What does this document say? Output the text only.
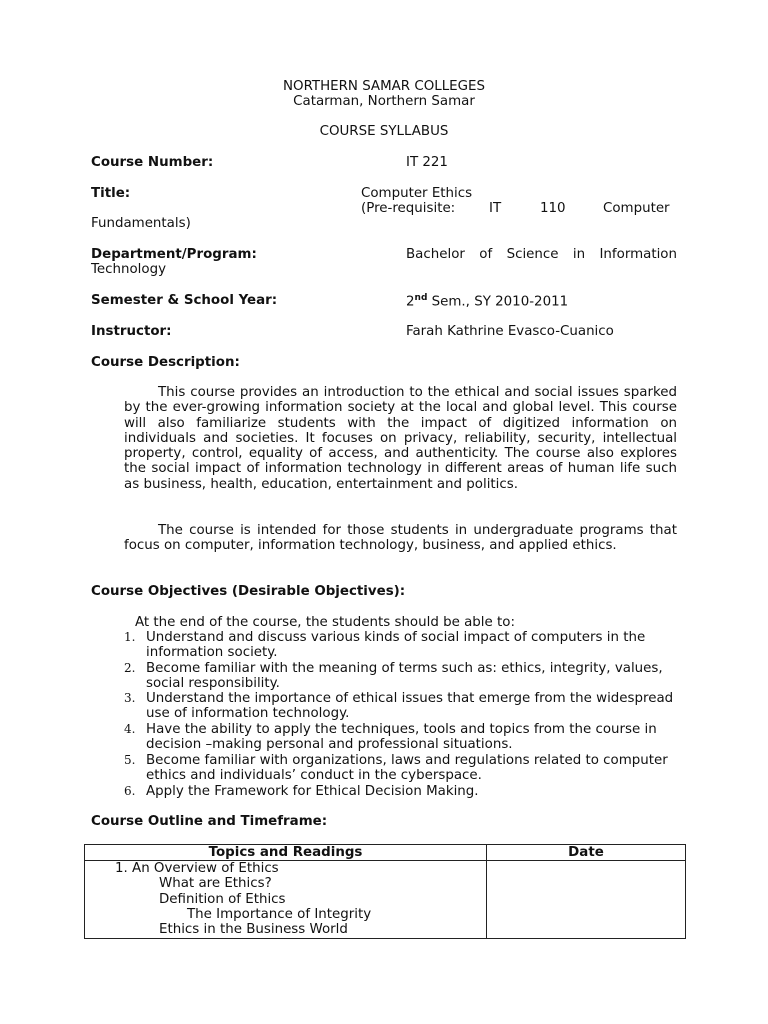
NORTHERN SAMAR COLLEGES
Catarman, Northern Samar
COURSE SYLLABUS
Course Number:	IT 221
Title:	Computer Ethics
(Pre-requisite:	IT	110	Computer
Fundamentals)
Department/Program:	Bachelor of Science in Information
Technology
Semester & School Year:	2nd Sem., SY 2010-2011
Instructor:	Farah Kathrine Evasco-Cuanico
Course Description:

This course provides an introduction to the ethical and social issues sparked by the ever-growing information society at the local and global level. This course will also familiarize students with the impact of digitized information on individuals and societies. It focuses on privacy, reliability, security, intellectual property, control, equality of access, and authenticity. The course also explores the social impact of information technology in different areas of human life such as business, health, education, entertainment and politics.

The course is intended for those students in undergraduate programs that focus on computer, information technology, business, and applied ethics.

Course Objectives (Desirable Objectives):
At the end of the course, the students should be able to:
1. Understand and discuss various kinds of social impact of computers in the information society.
2. Become familiar with the meaning of terms such as: ethics, integrity, values, social responsibility.
3. Understand the importance of ethical issues that emerge from the widespread use of information technology.
4. Have the ability to apply the techniques, tools and topics from the course in decision –making personal and professional situations.
5. Become familiar with organizations, laws and regulations related to computer ethics and individuals’ conduct in the cyberspace.
6. Apply the Framework for Ethical Decision Making.
Course Outline and Timeframe:
Topics and Readings	Date

1. An Overview of Ethics
What are Ethics?
Definition of Ethics
The Importance of Integrity
Ethics in the Business World	
